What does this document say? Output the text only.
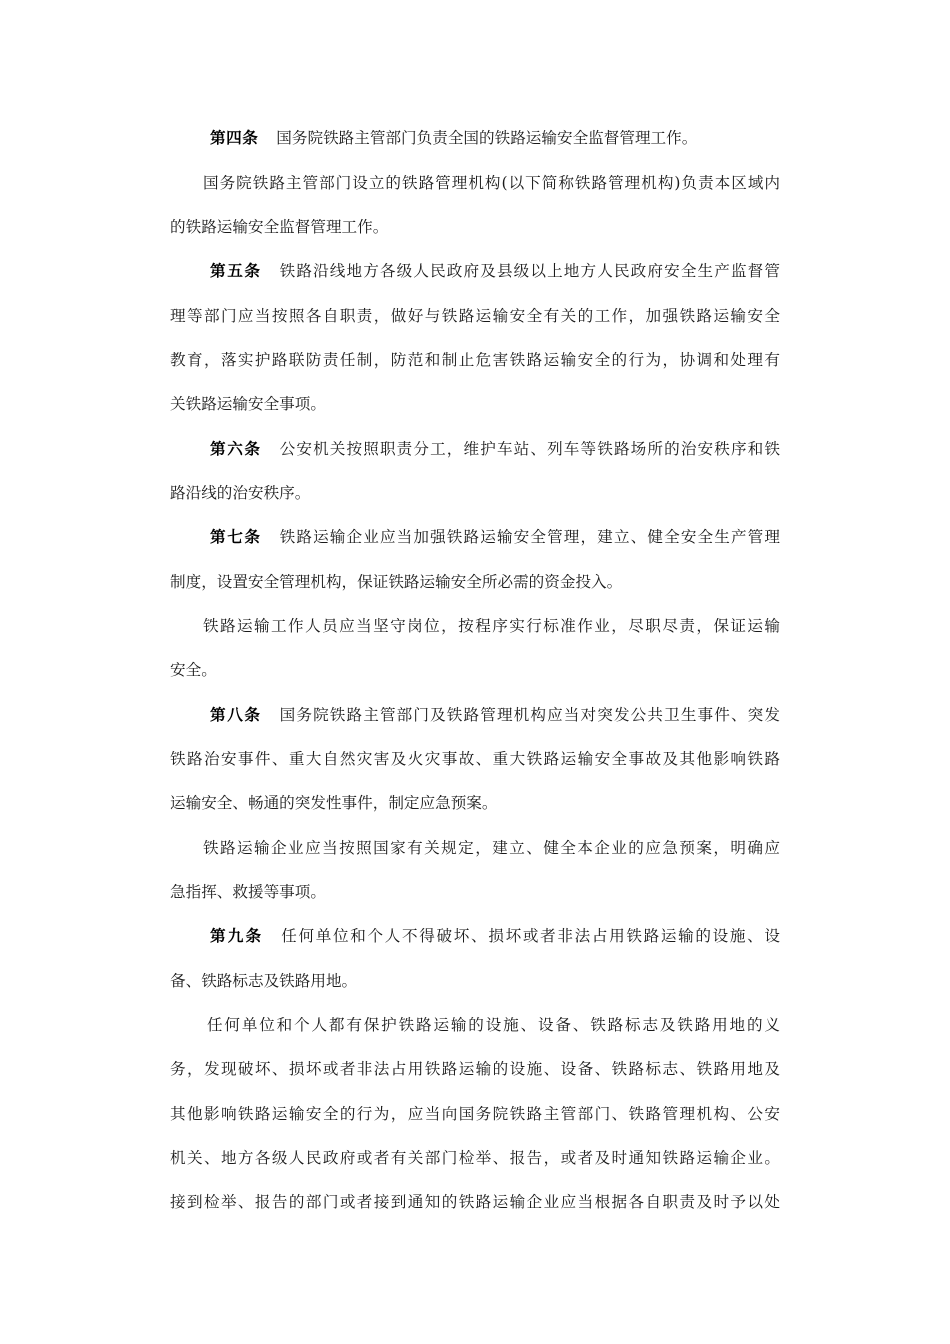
第四条 国务院铁路主管部门负责全国的铁路运输安全监督管理工作。
国务院铁路主管部门设立的铁路管理机构(以下简称铁路管理机构)负责本区域内
的铁路运输安全监督管理工作。
第五条 铁路沿线地方各级人民政府及县级以上地方人民政府安全生产监督管
理等部门应当按照各自职责，做好与铁路运输安全有关的工作，加强铁路运输安全
教育，落实护路联防责任制，防范和制止危害铁路运输安全的行为，协调和处理有
关铁路运输安全事项。
第六条 公安机关按照职责分工，维护车站、列车等铁路场所的治安秩序和铁
路沿线的治安秩序。
第七条 铁路运输企业应当加强铁路运输安全管理，建立、健全安全生产管理
制度，设置安全管理机构，保证铁路运输安全所必需的资金投入。
铁路运输工作人员应当坚守岗位，按程序实行标准作业，尽职尽责，保证运输
安全。
第八条 国务院铁路主管部门及铁路管理机构应当对突发公共卫生事件、突发
铁路治安事件、重大自然灾害及火灾事故、重大铁路运输安全事故及其他影响铁路
运输安全、畅通的突发性事件，制定应急预案。
铁路运输企业应当按照国家有关规定，建立、健全本企业的应急预案，明确应
急指挥、救援等事项。
第九条 任何单位和个人不得破坏、损坏或者非法占用铁路运输的设施、设
备、铁路标志及铁路用地。
任何单位和个人都有保护铁路运输的设施、设备、铁路标志及铁路用地的义
务，发现破坏、损坏或者非法占用铁路运输的设施、设备、铁路标志、铁路用地及
其他影响铁路运输安全的行为，应当向国务院铁路主管部门、铁路管理机构、公安
机关、地方各级人民政府或者有关部门检举、报告，或者及时通知铁路运输企业。
接到检举、报告的部门或者接到通知的铁路运输企业应当根据各自职责及时予以处
